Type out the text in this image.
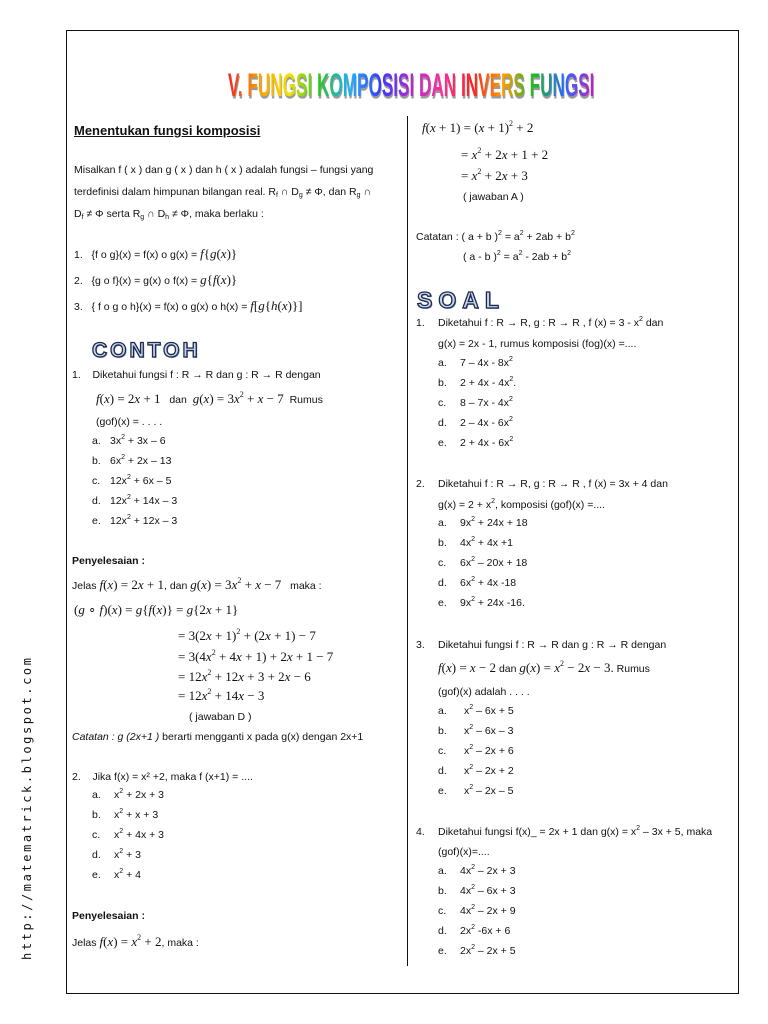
http://matematrick.blogspot.com
V. FUNGSI KOMPOSISI DAN INVERS FUNGSI
Menentukan fungsi komposisi
Misalkan f ( x ) dan g ( x ) dan h ( x ) adalah fungsi – fungsi yang
terdefinisi dalam himpunan bilangan real. $R_f$ ∩ $D_g \ne \Phi$, dan $R_g$ ∩
$D_f \ne \Phi$ serta $R_g$ ∩ $D_h \ne \Phi$, maka berlaku :
1. {f o g}(x) = f(x) o g(x) = f{g(x)}
2. {g o f}(x) = g(x) o f(x) = g{f(x)}
3. { f o g o h}(x) = f(x) o g(x) o h(x) = f[g{h(x)}]
CONTOH
1. Diketahui fungsi f : R → R dan g : R → R dengan
f(x) = 2x + 1 dan $g(x) = 3x^2 + x - 7$ Rumus
(gof)(x) = . . . .
a. $3x^2 + 3x - 6$
b. $6x^2 + 2x - 13$
c. $12x^2 + 6x - 5$
d. $12x^2 + 14x - 3$
e. $12x^2 + 12x - 3$
Penyelesaian :
Jelas f(x) = 2x + 1, dan $g(x) = 3x^2 + x - 7$ maka :
(g ∘ f)(x) = g{f(x)} = g{2x + 1}
= $3(2x + 1)^2 + (2x + 1) - 7$
= $3(4x^2 + 4x + 1) + 2x + 1 - 7$
= $12x^2 + 12x + 3 + 2x - 6$
= $12x^2 + 14x - 3$
( jawaban D )
Catatan : g (2x+1 ) berarti mengganti x pada g(x) dengan 2x+1
2. Jika f(x) = x² +2, maka f (x+1) = ....
a. $x^2 + 2x + 3$
b. $x^2 + x + 3$
c. $x^2 + 4x + 3$
d. $x^2 + 3$
e. $x^2 + 4$
Penyelesaian :
Jelas $f(x) = x^2 + 2$, maka :
$f(x + 1) = (x + 1)^2 + 2$
= $x^2 + 2x + 1 + 2$
= $x^2 + 2x + 3$
( jawaban A )
Catatan : ( a + b )$^2 = a^2 + 2ab + b^2$
( a - b )$^2 = a^2 - 2ab + b^2$
SOAL
1. Diketahui f : R → R, g : R → R , f $(x) = 3 - x^2$ dan
g(x) = 2x - 1, rumus komposisi (fog)(x) =....
a. $7 - 4x - 8x^2$
b. $2 + 4x - 4x^2$.
c. $8 - 7x - 4x^2$
d. $2 - 4x - 6x^2$
e. $2 + 4x - 6x^2$
2. Diketahui f : R → R, g : R → R , f (x) = 3x + 4 dan
$g(x) = 2 + x^2$, komposisi (gof)(x) =....
a. $9x^2 + 24x + 18$
b. $4x^2 + 4x +1$
c. $6x^2 - 20x + 18$
d. $6x^2 + 4x$ -18
e. $9x^2 + 24x$ -16.
3. Diketahui fungsi f : R → R dan g : R → R dengan
(gof)(x) adalah . . . .
a. $x^2 - 6x + 5$
b. $x^2 - 6x - 3$
c. $x^2 - 2x + 6$
d. $x^2 - 2x + 2$
e. $x^2 - 2x - 5$
4. Diketahui fungsi f(x)_ = 2x + 1 dan $g(x) = x^2 - 3x + 5$, maka
(gof)(x)=....
a. $4x^2 - 2x + 3$
b. $4x^2 - 6x + 3$
c. $4x^2 - 2x + 9$
d. $2x^2$ -6x + 6
e. $2x^2 - 2x + 5$
f(x) = x − 2 dan $g(x) = x^2 - 2x - 3$. Rumus
